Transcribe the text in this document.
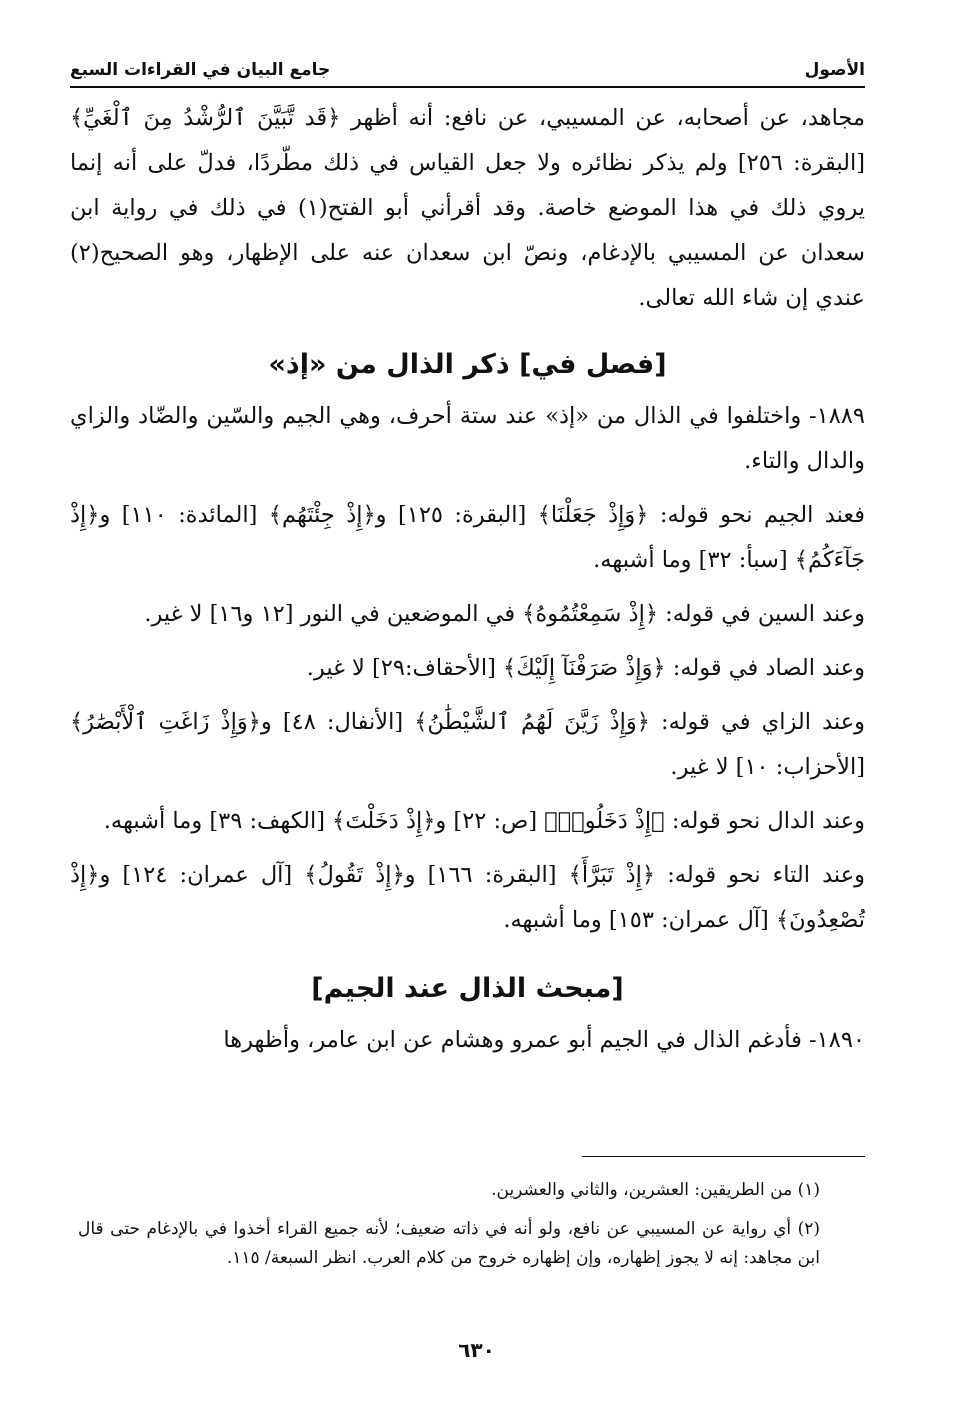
الأصول
جامع البيان في القراءات السبع

مجاهد، عن أصحابه، عن المسيبي، عن نافع: أنه أظهر ﴿قَد تَّبَيَّنَ ٱلرُّشْدُ مِنَ ٱلْغَيِّ﴾ [البقرة: ٢٥٦] ولم يذكر نظائره ولا جعل القياس في ذلك مطّردًا، فدلّ على أنه إنما يروي ذلك في هذا الموضع خاصة. وقد أقرأني أبو الفتح(١) في ذلك في رواية ابن سعدان عن المسيبي بالإدغام، ونصّ ابن سعدان عنه على الإظهار، وهو الصحيح(٢) عندي إن شاء الله تعالى.

[فصل في] ذكر الذال من «إذ»

١٨٨٩- واختلفوا في الذال من «إذ» عند ستة أحرف، وهي الجيم والسّين والضّاد والزاي والدال والتاء.

فعند الجيم نحو قوله: ﴿وَإِذْ جَعَلْنَا﴾ [البقرة: ١٢٥] و﴿إِذْ جِئْتَهُم﴾ [المائدة: ١١٠] و﴿إِذْ جَآءَكُمُ﴾ [سبأ: ٣٢] وما أشبهه.

وعند السين في قوله: ﴿إِذْ سَمِعْتُمُوهُ﴾ في الموضعين في النور [١٢ و١٦] لا غير.

وعند الصاد في قوله: ﴿وَإِذْ صَرَفْنَآ إِلَيْكَ﴾ [الأحقاف:٢٩] لا غير.

وعند الزاي في قوله: ﴿وَإِذْ زَيَّنَ لَهُمُ ٱلشَّيْطَٰنُ﴾ [الأنفال: ٤٨] و﴿وَإِذْ زَاغَتِ ٱلْأَبْصَٰرُ﴾ [الأحزاب: ١٠] لا غير.

وعند الدال نحو قوله: ﴿إِذْ دَخَلُوا۟﴾ [ص: ٢٢] و﴿إِذْ دَخَلْتَ﴾ [الكهف: ٣٩] وما أشبهه.

وعند التاء نحو قوله: ﴿إِذْ تَبَرَّأَ﴾ [البقرة: ١٦٦] و﴿إِذْ تَقُولُ﴾ [آل عمران: ١٢٤] و﴿إِذْ تُصْعِدُونَ﴾ [آل عمران: ١٥٣] وما أشبهه.

[مبحث الذال عند الجيم]

١٨٩٠- فأدغم الذال في الجيم أبو عمرو وهشام عن ابن عامر، وأظهرها

(١) من الطريقين: العشرين، والثاني والعشرين.

(٢) أي رواية عن المسيبي عن نافع، ولو أنه في ذاته ضعيف؛ لأنه جميع القراء أخذوا في بالإدغام حتى قال ابن مجاهد: إنه لا يجوز إظهاره، وإن إظهاره خروج من كلام العرب. انظر السبعة/ ١١٥.

٦٣٠
